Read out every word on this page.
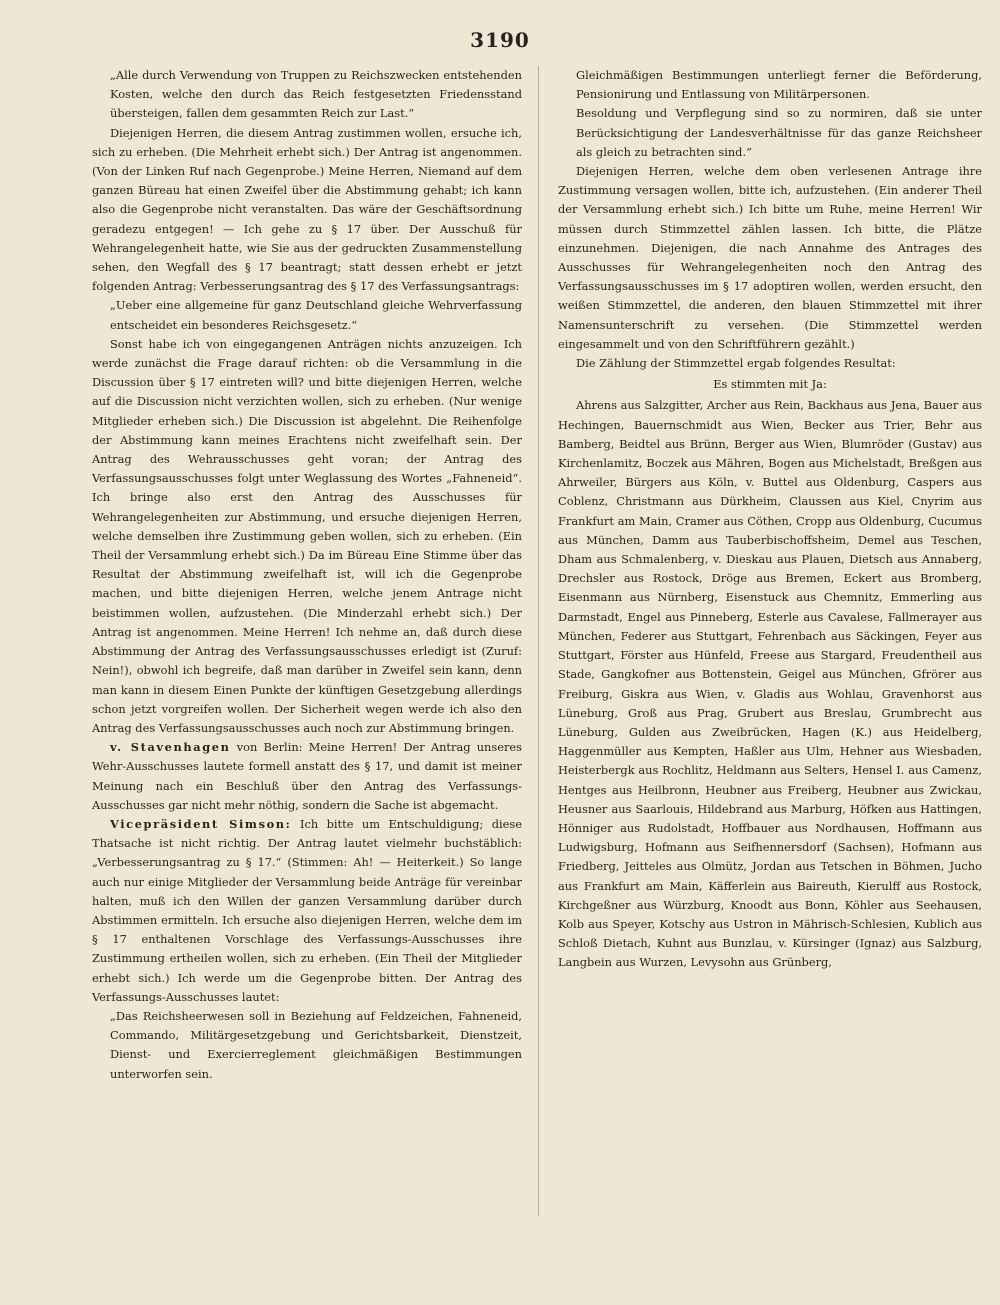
3190

„Alle durch Verwendung von Truppen zu Reichszwecken entstehenden Kosten, welche den durch das Reich festgesetzten Friedensstand übersteigen, fallen dem gesammten Reich zur Last.“

Diejenigen Herren, die diesem Antrag zustimmen wollen, ersuche ich, sich zu erheben. (Die Mehrheit erhebt sich.) Der Antrag ist angenommen. (Von der Linken Ruf nach Gegenprobe.) Meine Herren, Niemand auf dem ganzen Büreau hat einen Zweifel über die Abstimmung gehabt; ich kann also die Gegenprobe nicht veranstalten. Das wäre der Geschäftsordnung geradezu entgegen! — Ich gehe zu § 17 über. Der Ausschuß für Wehrangelegenheit hatte, wie Sie aus der gedruckten Zusammenstellung sehen, den Wegfall des § 17 beantragt; statt dessen erhebt er jetzt folgenden Antrag: Verbesserungsantrag des § 17 des Verfassungsantrags:

„Ueber eine allgemeine für ganz Deutschland gleiche Wehrverfassung entscheidet ein besonderes Reichsgesetz.“

Sonst habe ich von eingegangenen Anträgen nichts anzuzeigen. Ich werde zunächst die Frage darauf richten: ob die Versammlung in die Discussion über § 17 eintreten will? und bitte diejenigen Herren, welche auf die Discussion nicht verzichten wollen, sich zu erheben. (Nur wenige Mitglieder erheben sich.) Die Discussion ist abgelehnt. Die Reihenfolge der Abstimmung kann meines Erachtens nicht zweifelhaft sein. Der Antrag des Wehrausschusses geht voran; der Antrag des Verfassungsausschusses folgt unter Weglassung des Wortes „Fahneneid“. Ich bringe also erst den Antrag des Ausschusses für Wehrangelegenheiten zur Abstimmung, und ersuche diejenigen Herren, welche demselben ihre Zustimmung geben wollen, sich zu erheben. (Ein Theil der Versammlung erhebt sich.) Da im Büreau Eine Stimme über das Resultat der Abstimmung zweifelhaft ist, will ich die Gegenprobe machen, und bitte diejenigen Herren, welche jenem Antrage nicht beistimmen wollen, aufzustehen. (Die Minderzahl erhebt sich.) Der Antrag ist angenommen. Meine Herren! Ich nehme an, daß durch diese Abstimmung der Antrag des Verfassungsausschusses erledigt ist (Zuruf: Nein!), obwohl ich begreife, daß man darüber in Zweifel sein kann, denn man kann in diesem Einen Punkte der künftigen Gesetzgebung allerdings schon jetzt vorgreifen wollen. Der Sicherheit wegen werde ich also den Antrag des Verfassungsausschusses auch noch zur Abstimmung bringen.

v. Stavenhagen von Berlin: Meine Herren! Der Antrag unseres Wehr-Ausschusses lautete formell anstatt des § 17, und damit ist meiner Meinung nach ein Beschluß über den Antrag des Verfassungs-Ausschusses gar nicht mehr nöthig, sondern die Sache ist abgemacht.

Vicepräsident Simson: Ich bitte um Entschuldigung; diese Thatsache ist nicht richtig. Der Antrag lautet vielmehr buchstäblich: „Verbesserungsantrag zu § 17.“ (Stimmen: Ah! — Heiterkeit.) So lange auch nur einige Mitglieder der Versammlung beide Anträge für vereinbar halten, muß ich den Willen der ganzen Versammlung darüber durch Abstimmen ermitteln. Ich ersuche also diejenigen Herren, welche dem im § 17 enthaltenen Vorschlage des Verfassungs-Ausschusses ihre Zustimmung ertheilen wollen, sich zu erheben. (Ein Theil der Mitglieder erhebt sich.) Ich werde um die Gegenprobe bitten. Der Antrag des Verfassungs-Ausschusses lautet:

„Das Reichsheerwesen soll in Beziehung auf Feldzeichen, Fahneneid, Commando, Militärgesetzgebung und Gerichtsbarkeit, Dienstzeit, Dienst- und Exercierreglement gleichmäßigen Bestimmungen unterworfen sein.

Gleichmäßigen Bestimmungen unterliegt ferner die Beförderung, Pensionirung und Entlassung von Militärpersonen.

Besoldung und Verpflegung sind so zu normiren, daß sie unter Berücksichtigung der Landesverhältnisse für das ganze Reichsheer als gleich zu betrachten sind.“

Diejenigen Herren, welche dem oben verlesenen Antrage ihre Zustimmung versagen wollen, bitte ich, aufzustehen. (Ein anderer Theil der Versammlung erhebt sich.) Ich bitte um Ruhe, meine Herren! Wir müssen durch Stimmzettel zählen lassen. Ich bitte, die Plätze einzunehmen. Diejenigen, die nach Annahme des Antrages des Ausschusses für Wehrangelegenheiten noch den Antrag des Verfassungsausschusses im § 17 adoptiren wollen, werden ersucht, den weißen Stimmzettel, die anderen, den blauen Stimmzettel mit ihrer Namensunterschrift zu versehen. (Die Stimmzettel werden eingesammelt und von den Schriftführern gezählt.)

Die Zählung der Stimmzettel ergab folgendes Resultat:

Es stimmten mit Ja:

Ahrens aus Salzgitter, Archer aus Rein, Backhaus aus Jena, Bauer aus Hechingen, Bauernschmidt aus Wien, Becker aus Trier, Behr aus Bamberg, Beidtel aus Brünn, Berger aus Wien, Blumröder (Gustav) aus Kirchenlamitz, Boczek aus Mähren, Bogen aus Michelstadt, Breßgen aus Ahrweiler, Bürgers aus Köln, v. Buttel aus Oldenburg, Caspers aus Coblenz, Christmann aus Dürkheim, Claussen aus Kiel, Cnyrim aus Frankfurt am Main, Cramer aus Cöthen, Cropp aus Oldenburg, Cucumus aus München, Damm aus Tauberbischoffsheim, Demel aus Teschen, Dham aus Schmalenberg, v. Dieskau aus Plauen, Dietsch aus Annaberg, Drechsler aus Rostock, Dröge aus Bremen, Eckert aus Bromberg, Eisenmann aus Nürnberg, Eisenstuck aus Chemnitz, Emmerling aus Darmstadt, Engel aus Pinneberg, Esterle aus Cavalese, Fallmerayer aus München, Federer aus Stuttgart, Fehrenbach aus Säckingen, Feyer aus Stuttgart, Förster aus Hünfeld, Freese aus Stargard, Freudentheil aus Stade, Gangkofner aus Bottenstein, Geigel aus München, Gfrörer aus Freiburg, Giskra aus Wien, v. Gladis aus Wohlau, Gravenhorst aus Lüneburg, Groß aus Prag, Grubert aus Breslau, Grumbrecht aus Lüneburg, Gulden aus Zweibrücken, Hagen (K.) aus Heidelberg, Haggenmüller aus Kempten, Haßler aus Ulm, Hehner aus Wiesbaden, Heisterbergk aus Rochlitz, Heldmann aus Selters, Hensel I. aus Camenz, Hentges aus Heilbronn, Heubner aus Freiberg, Heubner aus Zwickau, Heusner aus Saarlouis, Hildebrand aus Marburg, Höfken aus Hattingen, Hönniger aus Rudolstadt, Hoffbauer aus Nordhausen, Hoffmann aus Ludwigsburg, Hofmann aus Seifhennersdorf (Sachsen), Hofmann aus Friedberg, Jeitteles aus Olmütz, Jordan aus Tetschen in Böhmen, Jucho aus Frankfurt am Main, Käfferlein aus Baireuth, Kierulff aus Rostock, Kirchgeßner aus Würzburg, Knoodt aus Bonn, Köhler aus Seehausen, Kolb aus Speyer, Kotschy aus Ustron in Mährisch-Schlesien, Kublich aus Schloß Dietach, Kuhnt aus Bunzlau, v. Kürsinger (Ignaz) aus Salzburg, Langbein aus Wurzen, Levysohn aus Grünberg,
